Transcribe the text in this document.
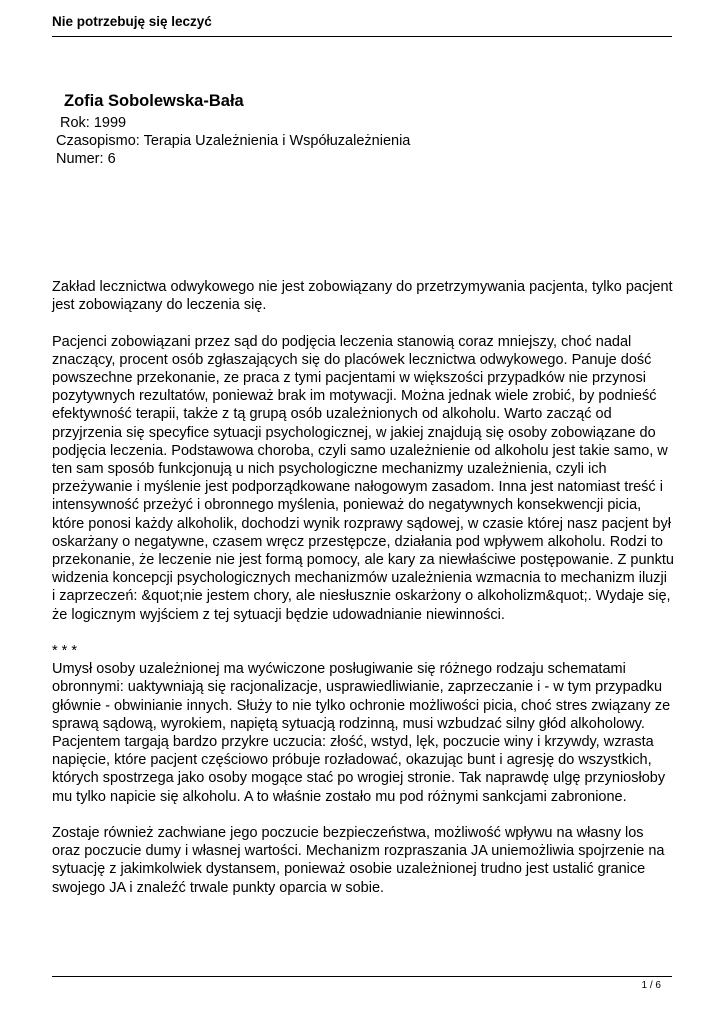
Nie potrzebuję się leczyć
Zofia Sobolewska-Bała
Rok: 1999
Czasopismo: Terapia Uzależnienia i Współuzależnienia
Numer: 6

Zakład lecznictwa odwykowego nie jest zobowiązany do przetrzymywania pacjenta, tylko pacjent jest zobowiązany do leczenia się.

Pacjenci zobowiązani przez sąd do podjęcia leczenia stanowią coraz mniejszy, choć nadal znaczący, procent osób zgłaszających się do placówek lecznictwa odwykowego. Panuje dość powszechne przekonanie, ze praca z tymi pacjentami w większości przypadków nie przynosi pozytywnych rezultatów, ponieważ brak im motywacji. Można jednak wiele zrobić, by podnieść efektywność terapii, także z tą grupą osób uzależnionych od alkoholu. Warto zacząć od przyjrzenia się specyfice sytuacji psychologicznej, w jakiej znajdują się osoby zobowiązane do podjęcia leczenia. Podstawowa choroba, czyli samo uzależnienie od alkoholu jest takie samo, w ten sam sposób funkcjonują u nich psychologiczne mechanizmy uzależnienia, czyli ich przeżywanie i myślenie jest podporządkowane nałogowym zasadom. Inna jest natomiast treść i intensywność przeżyć i obronnego myślenia, ponieważ do negatywnych konsekwencji picia, które ponosi każdy alkoholik, dochodzi wynik rozprawy sądowej, w czasie której nasz pacjent był oskarżany o negatywne, czasem wręcz przestępcze, działania pod wpływem alkoholu. Rodzi to przekonanie, że leczenie nie jest formą pomocy, ale kary za niewłaściwe postępowanie. Z punktu widzenia koncepcji psychologicznych mechanizmów uzależnienia wzmacnia to mechanizm iluzji i zaprzeczeń: &quot;nie jestem chory, ale niesłusznie oskarżony o alkoholizm&quot;. Wydaje się, że logicznym wyjściem z tej sytuacji będzie udowadnianie niewinności.

* * *

Umysł osoby uzależnionej ma wyćwiczone posługiwanie się różnego rodzaju schematami obronnymi: uaktywniają się racjonalizacje, usprawiedliwianie, zaprzeczanie i - w tym przypadku głównie - obwinianie innych. Służy to nie tylko ochronie możliwości picia, choć stres związany ze sprawą sądową, wyrokiem, napiętą sytuacją rodzinną, musi wzbudzać silny głód alkoholowy. Pacjentem targają bardzo przykre uczucia: złość, wstyd, lęk, poczucie winy i krzywdy, wzrasta napięcie, które pacjent częściowo próbuje rozładować, okazując bunt i agresję do wszystkich, których spostrzega jako osoby mogące stać po wrogiej stronie. Tak naprawdę ulgę przyniosłoby mu tylko napicie się alkoholu. A to właśnie zostało mu pod różnymi sankcjami zabronione.

Zostaje również zachwiane jego poczucie bezpieczeństwa, możliwość wpływu na własny los oraz poczucie dumy i własnej wartości. Mechanizm rozpraszania JA uniemożliwia spojrzenie na sytuację z jakimkolwiek dystansem, ponieważ osobie uzależnionej trudno jest ustalić granice swojego JA i znaleźć trwale punkty oparcia w sobie.

1 / 6
